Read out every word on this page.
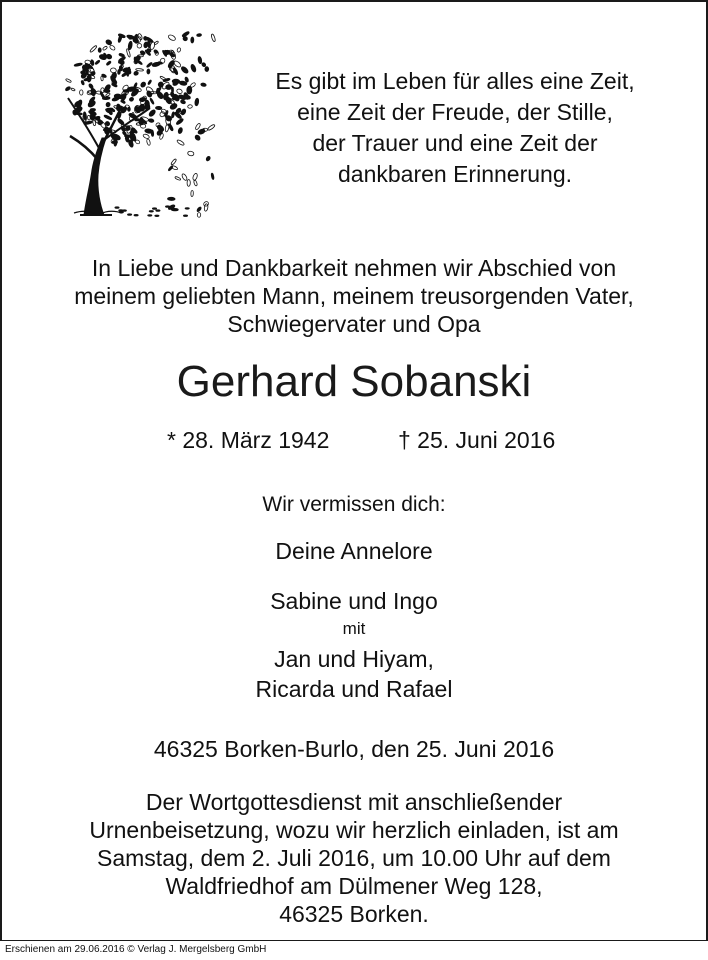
Es gibt im Leben für alles eine Zeit,
eine Zeit der Freude, der Stille,
der Trauer und eine Zeit der
dankbaren Erinnerung.
In Liebe und Dankbarkeit nehmen wir Abschied von
meinem geliebten Mann, meinem treusorgenden Vater,
Schwiegervater und Opa
Gerhard Sobanski
* 28. März 1942	† 25. Juni 2016
Wir vermissen dich:
Deine Annelore
Sabine und Ingo
mit
Jan und Hiyam,
Ricarda und Rafael
46325 Borken-Burlo, den 25. Juni 2016
Der Wortgottesdienst mit anschließender
Urnenbeisetzung, wozu wir herzlich einladen, ist am
Samstag, dem 2. Juli 2016, um 10.00 Uhr auf dem
Waldfriedhof am Dülmener Weg 128,
46325 Borken.
Erschienen am 29.06.2016 © Verlag J. Mergelsberg GmbH
